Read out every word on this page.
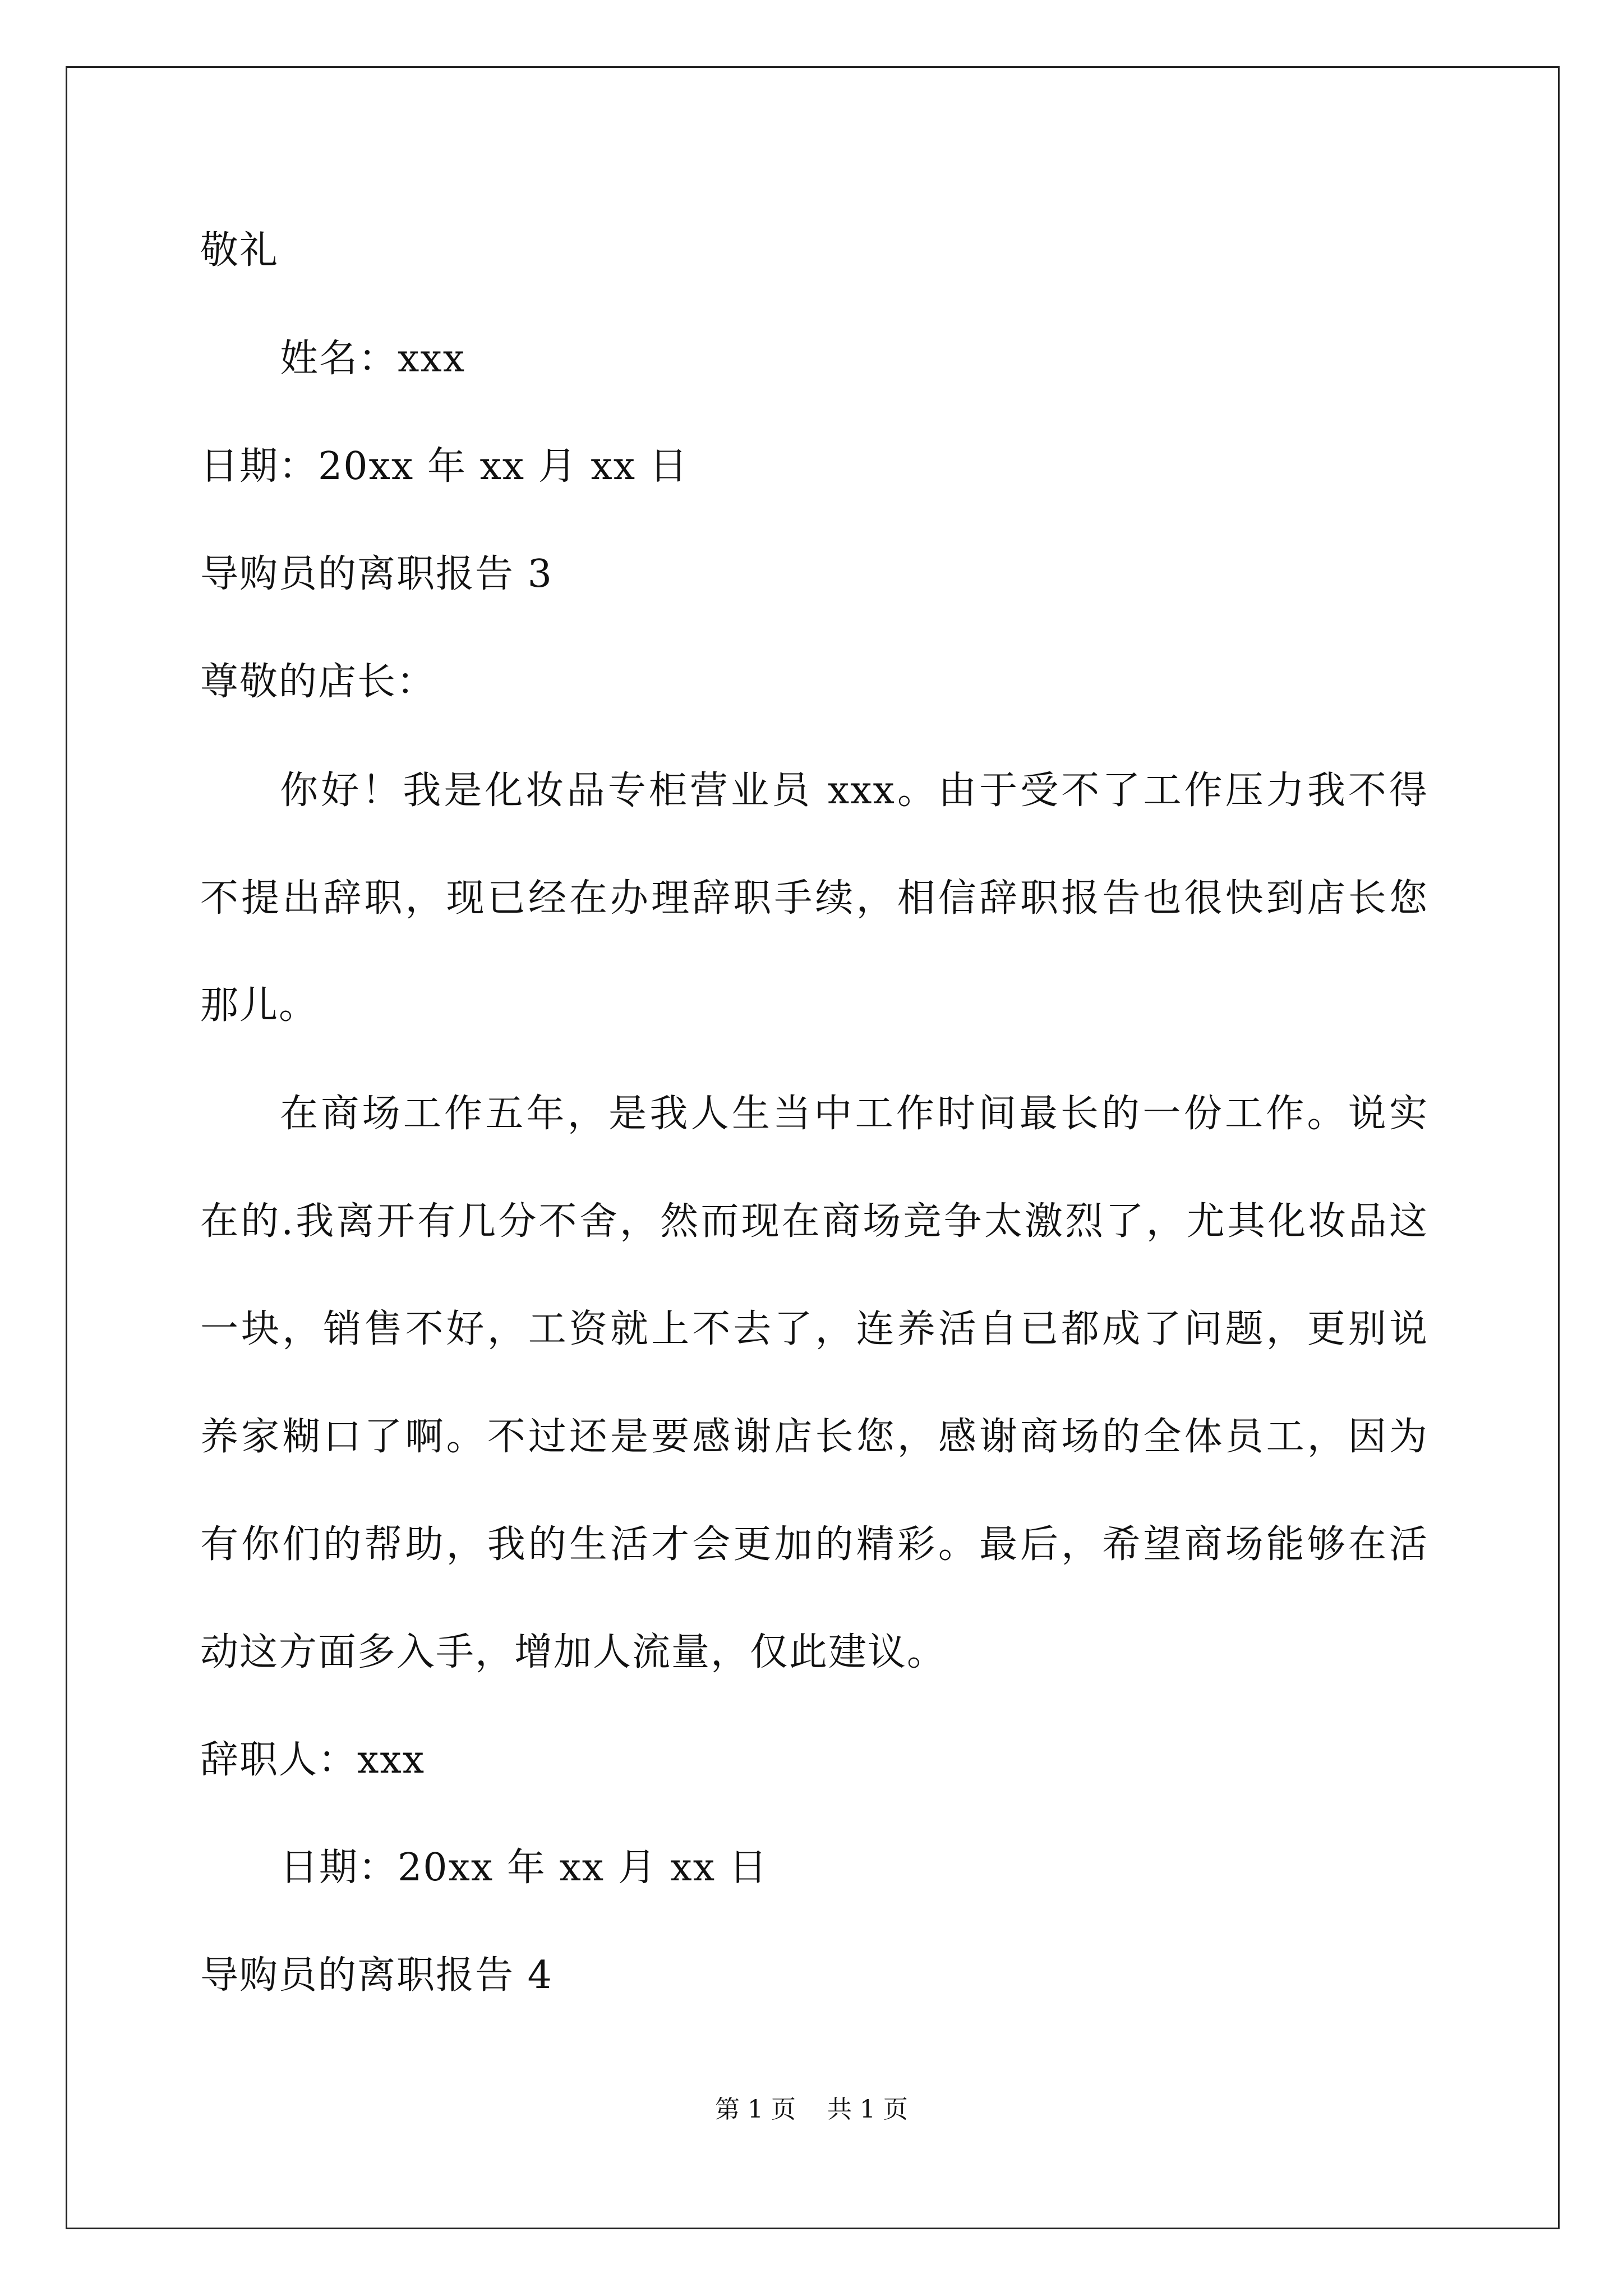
敬礼
姓名：xxx
日期：20xx 年 xx 月 xx 日
导购员的离职报告 3
尊敬的店长：
你好！我是化妆品专柜营业员 xxx。由于受不了工作压力我不得
不提出辞职，现已经在办理辞职手续，相信辞职报告也很快到店长您
那儿。
在商场工作五年，是我人生当中工作时间最长的一份工作。说实
在的.我离开有几分不舍，然而现在商场竞争太激烈了，尤其化妆品这
一块，销售不好，工资就上不去了，连养活自已都成了问题，更别说
养家糊口了啊。不过还是要感谢店长您，感谢商场的全体员工，因为
有你们的帮助，我的生活才会更加的精彩。最后，希望商场能够在活
动这方面多入手，增加人流量，仅此建议。
辞职人：xxx
日期：20xx 年 xx 月 xx 日
导购员的离职报告 4
第 1 页    共 1 页
